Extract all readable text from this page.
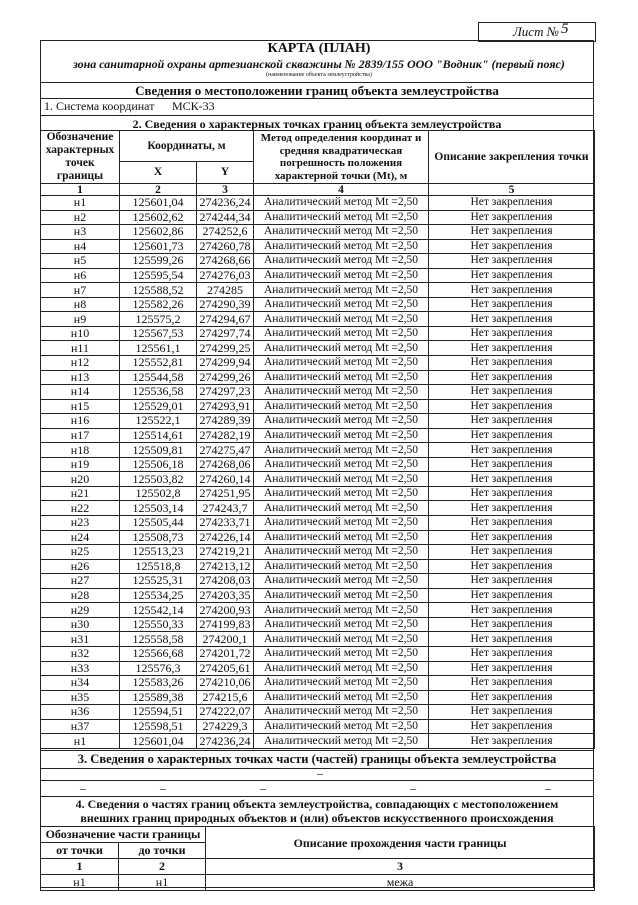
Лист № 5
КАРТА (ПЛАН)
зона санитарной охраны артезианской скважины № 2839/155 ООО "Водник" (первый пояс)
(наименование объекта землеустройства)
Сведения о местоположении границ объекта землеустройства
1. Система координат МСК-33
2. Сведения о характерных точках границ объекта землеустройства
Обозначение характерных точек границы	Координаты, м		Метод определения координат и средняя квадратическая погрешность положения характерной точки (Mt), м	Описание закрепления точки
	X	Y		
1	2	3	4	5
н1	125601,04	274236,24	Аналитический метод Mt =2,50	Нет закрепления
н2	125602,62	274244,34	Аналитический метод Mt =2,50	Нет закрепления
н3	125602,86	274252,6	Аналитический метод Mt =2,50	Нет закрепления
н4	125601,73	274260,78	Аналитический метод Mt =2,50	Нет закрепления
н5	125599,26	274268,66	Аналитический метод Mt =2,50	Нет закрепления
н6	125595,54	274276,03	Аналитический метод Mt =2,50	Нет закрепления
н7	125588,52	274285	Аналитический метод Mt =2,50	Нет закрепления
н8	125582,26	274290,39	Аналитический метод Mt =2,50	Нет закрепления
н9	125575,2	274294,67	Аналитический метод Mt =2,50	Нет закрепления
н10	125567,53	274297,74	Аналитический метод Mt =2,50	Нет закрепления
н11	125561,1	274299,25	Аналитический метод Mt =2,50	Нет закрепления
н12	125552,81	274299,94	Аналитический метод Mt =2,50	Нет закрепления
н13	125544,58	274299,26	Аналитический метод Mt =2,50	Нет закрепления
н14	125536,58	274297,23	Аналитический метод Mt =2,50	Нет закрепления
н15	125529,01	274293,91	Аналитический метод Mt =2,50	Нет закрепления
н16	125522,1	274289,39	Аналитический метод Mt =2,50	Нет закрепления
н17	125514,61	274282,19	Аналитический метод Mt =2,50	Нет закрепления
н18	125509,81	274275,47	Аналитический метод Mt =2,50	Нет закрепления
н19	125506,18	274268,06	Аналитический метод Mt =2,50	Нет закрепления
н20	125503,82	274260,14	Аналитический метод Mt =2,50	Нет закрепления
н21	125502,8	274251,95	Аналитический метод Mt =2,50	Нет закрепления
н22	125503,14	274243,7	Аналитический метод Mt =2,50	Нет закрепления
н23	125505,44	274233,71	Аналитический метод Mt =2,50	Нет закрепления
н24	125508,73	274226,14	Аналитический метод Mt =2,50	Нет закрепления
н25	125513,23	274219,21	Аналитический метод Mt =2,50	Нет закрепления
н26	125518,8	274213,12	Аналитический метод Mt =2,50	Нет закрепления
н27	125525,31	274208,03	Аналитический метод Mt =2,50	Нет закрепления
н28	125534,25	274203,35	Аналитический метод Mt =2,50	Нет закрепления
н29	125542,14	274200,93	Аналитический метод Mt =2,50	Нет закрепления
н30	125550,33	274199,83	Аналитический метод Mt =2,50	Нет закрепления
н31	125558,58	274200,1	Аналитический метод Mt =2,50	Нет закрепления
н32	125566,68	274201,72	Аналитический метод Mt =2,50	Нет закрепления
н33	125576,3	274205,61	Аналитический метод Mt =2,50	Нет закрепления
н34	125583,26	274210,06	Аналитический метод Mt =2,50	Нет закрепления
н35	125589,38	274215,6	Аналитический метод Mt =2,50	Нет закрепления
н36	125594,51	274222,07	Аналитический метод Mt =2,50	Нет закрепления
н37	125598,51	274229,3	Аналитический метод Mt =2,50	Нет закрепления
н1	125601,04	274236,24	Аналитический метод Mt =2,50	Нет закрепления
3. Сведения о характерных точках части (частей) границы объекта землеустройства
–
–	–	–	–	–
4. Сведения о частях границ объекта землеустройства, совпадающих с местоположением
внешних границ природных объектов и (или) объектов искусственного происхождения
Обозначение части границы		Описание прохождения части границы
от точки	до точки	
1	2	3
н1	н1	межа
